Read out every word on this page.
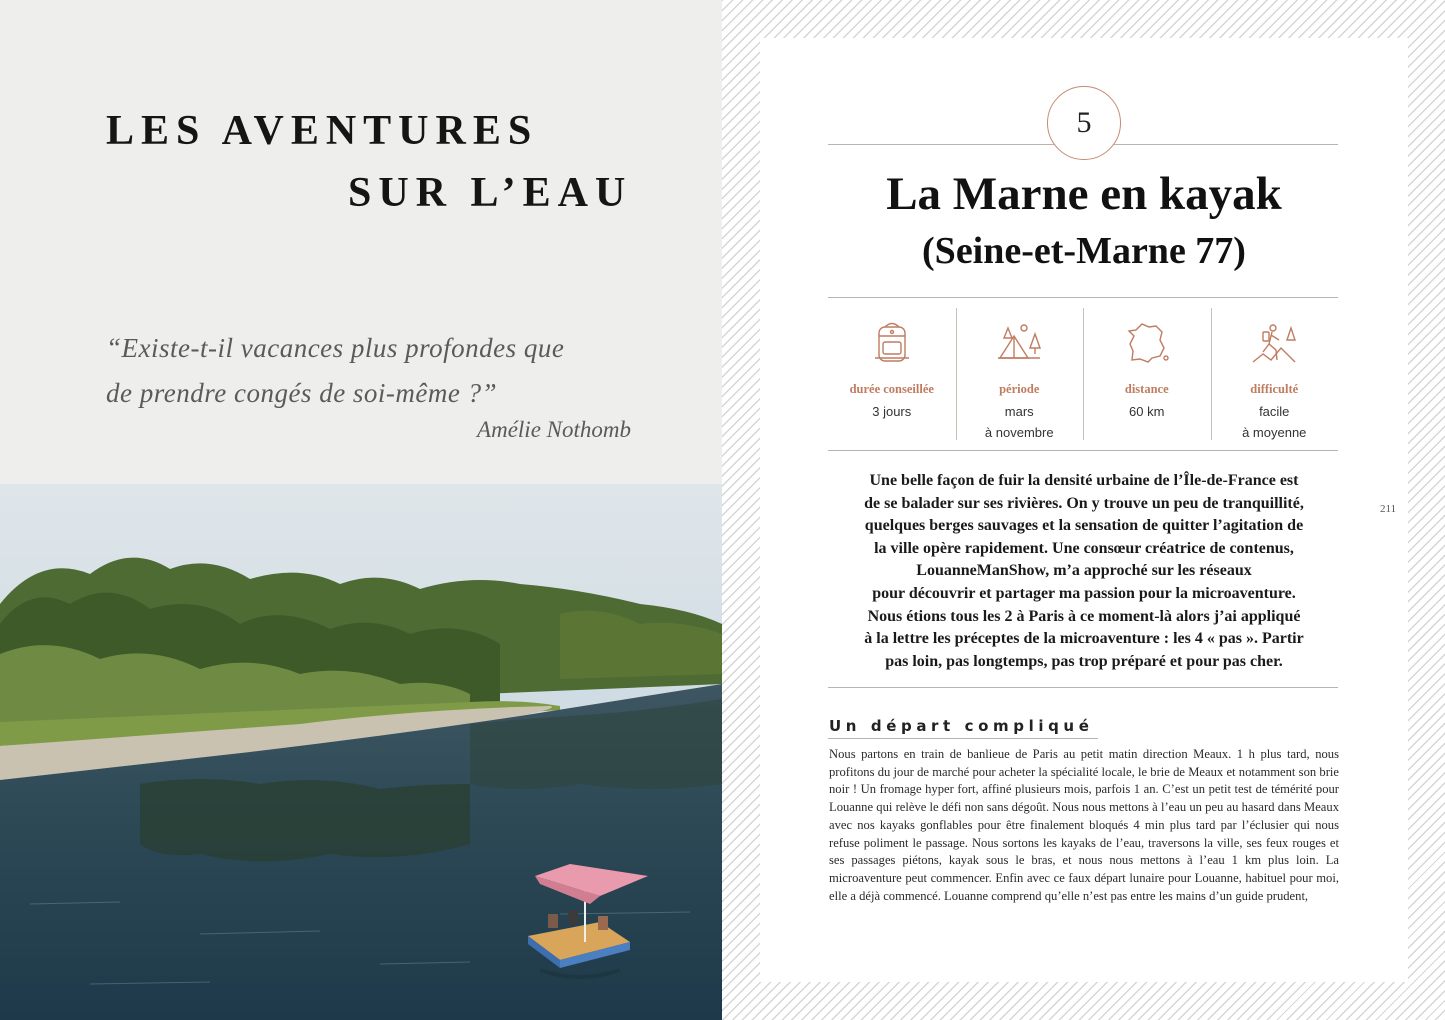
LES AVENTURES
SUR L’EAU
“Existe-t-il vacances plus profondes que
de prendre congés de soi-même ?”
Amélie Nothomb
5
La Marne en kayak
(Seine-et-Marne 77)
durée conseillée
3 jours
période
mars
à novembre
distance
60 km
difficulté
facile
à moyenne
Une belle façon de fuir la densité urbaine de l’Île-de-France est
de se balader sur ses rivières. On y trouve un peu de tranquillité,
quelques berges sauvages et la sensation de quitter l’agitation de
la ville opère rapidement. Une consœur créatrice de contenus,
LouanneManShow, m’a approché sur les réseaux
pour découvrir et partager ma passion pour la microaventure.
Nous étions tous les 2 à Paris à ce moment-là alors j’ai appliqué
à la lettre les préceptes de la microaventure : les 4 « pas ». Partir
pas loin, pas longtemps, pas trop préparé et pour pas cher.
Un départ compliqué

Nous partons en train de banlieue de Paris au petit matin direction Meaux. 1 h plus tard, nous profitons du jour de marché pour acheter la spécialité locale, le brie de Meaux et notamment son brie noir ! Un fromage hyper fort, affiné plusieurs mois, parfois 1 an. C’est un petit test de témérité pour Louanne qui relève le défi non sans dégoût. Nous nous mettons à l’eau un peu au hasard dans Meaux avec nos kayaks gonflables pour être finalement bloqués 4 min plus tard par l’éclusier qui nous refuse poliment le passage. Nous sortons les kayaks de l’eau, traversons la ville, ses feux rouges et ses passages piétons, kayak sous le bras, et nous nous mettons à l’eau 1 km plus loin. La microaventure peut commencer. Enfin avec ce faux départ lunaire pour Louanne, habituel pour moi, elle a déjà commencé. Louanne comprend qu’elle n’est pas entre les mains d’un guide prudent,

211
